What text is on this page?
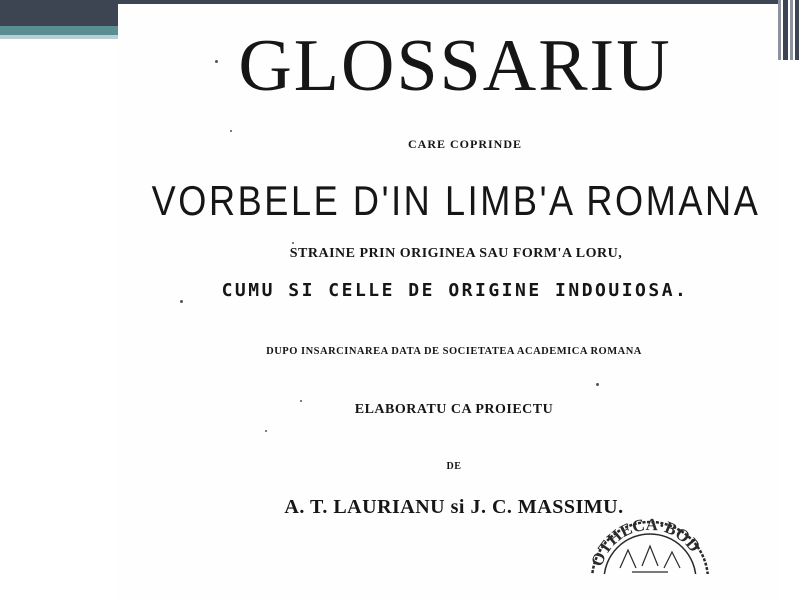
GLOSSARIU
CARE COPRINDE
VORBELE D'IN LIMB'A ROMANA
STRAINE PRIN ORIGINEA SAU FORM'A LORU,
CUMU SI CELLE DE ORIGINE INDOUIOSA.
DUPO INSARCINAREA DATA DE SOCIETATEA ACADEMICA ROMANA
ELABORATU CA PROIECTU
DE
A. T. LAURIANU si J. C. MASSIMU.
OTHECA·BOD
